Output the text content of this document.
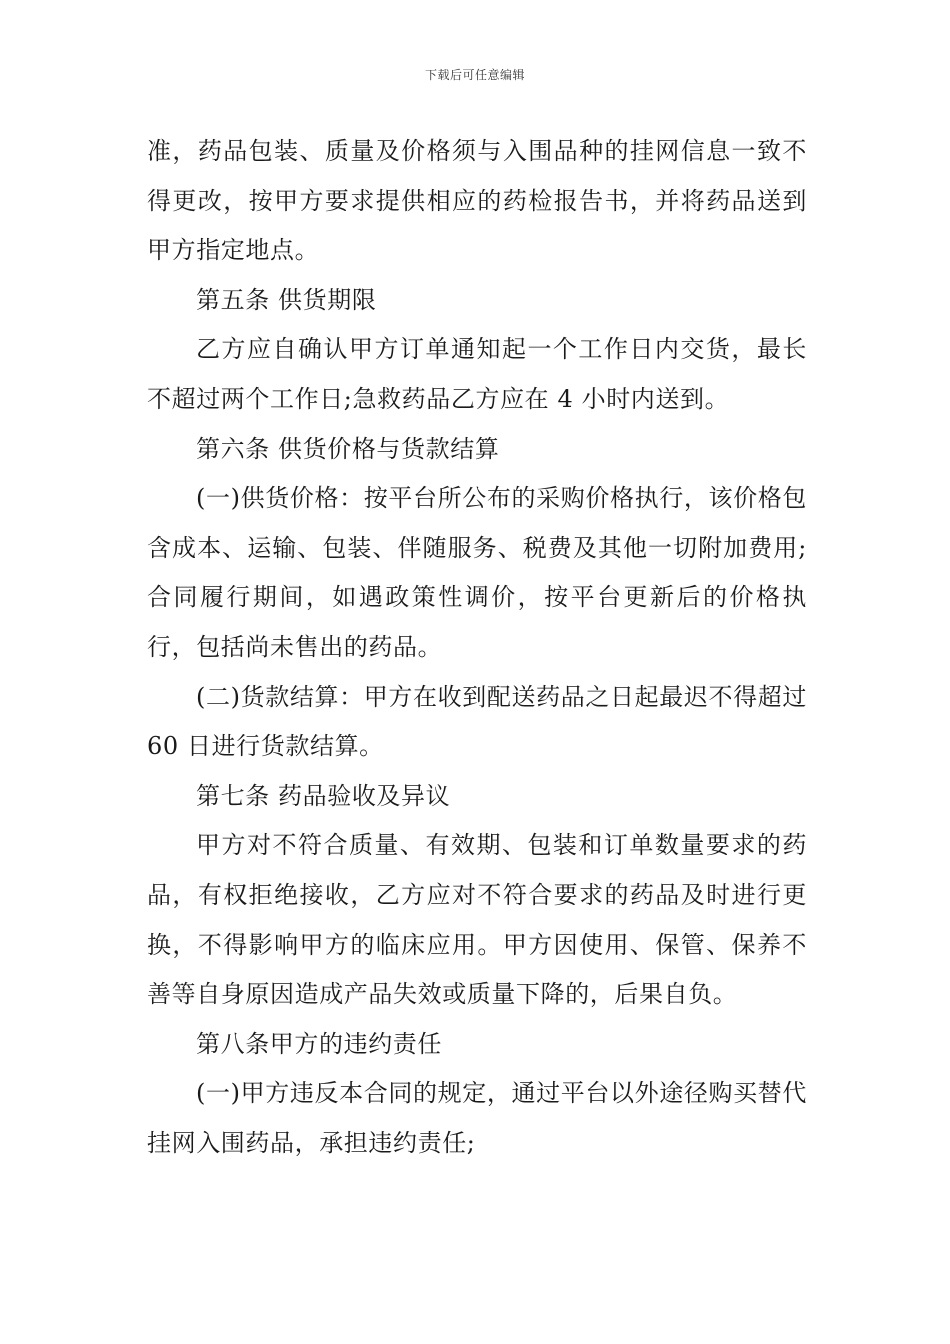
下载后可任意编辑

准，药品包装、质量及价格须与入围品种的挂网信息一致不得更改，按甲方要求提供相应的药检报告书，并将药品送到甲方指定地点。

第五条 供货期限

乙方应自确认甲方订单通知起一个工作日内交货，最长不超过两个工作日;急救药品乙方应在 4 小时内送到。

第六条 供货价格与货款结算

(一)供货价格：按平台所公布的采购价格执行，该价格包含成本、运输、包装、伴随服务、税费及其他一切附加费用;合同履行期间，如遇政策性调价，按平台更新后的价格执行，包括尚未售出的药品。

(二)货款结算：甲方在收到配送药品之日起最迟不得超过 60 日进行货款结算。

第七条 药品验收及异议

甲方对不符合质量、有效期、包装和订单数量要求的药品，有权拒绝接收，乙方应对不符合要求的药品及时进行更换，不得影响甲方的临床应用。甲方因使用、保管、保养不善等自身原因造成产品失效或质量下降的，后果自负。

第八条甲方的违约责任

(一)甲方违反本合同的规定，通过平台以外途径购买替代挂网入围药品，承担违约责任;
